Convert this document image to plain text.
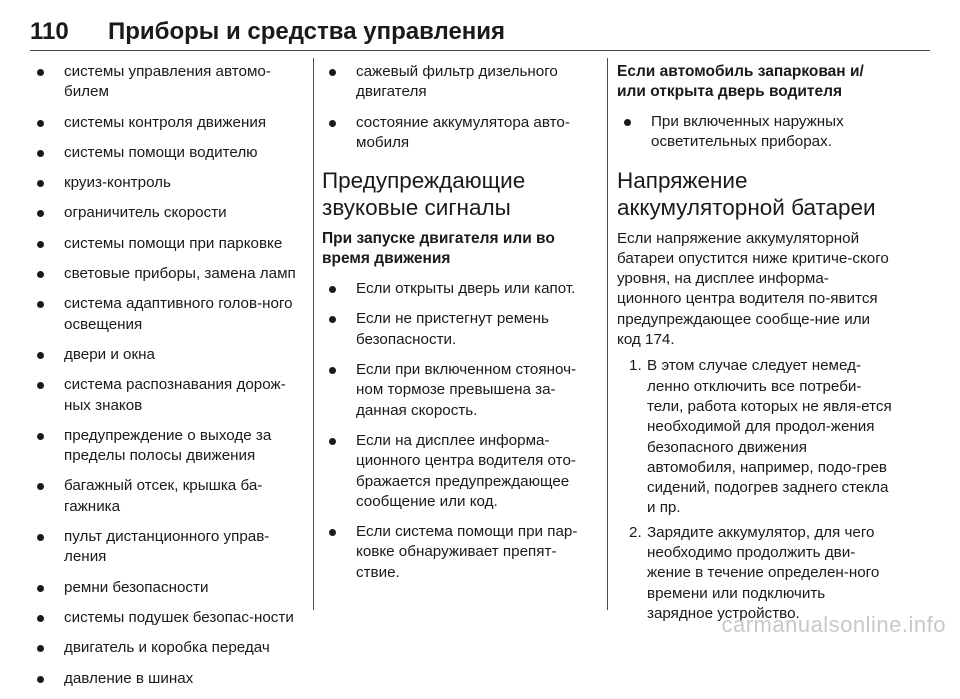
110	Приборы и средства управления
системы управления автомо-билем
системы контроля движения
системы помощи водителю
круиз-контроль
ограничитель скорости
системы помощи при парковке
световые приборы, замена ламп
система адаптивного голов-ного освещения
двери и окна
система распознавания дорож-ных знаков
предупреждение о выходе за пределы полосы движения
багажный отсек, крышка ба-гажника
пульт дистанционного управ-ления
ремни безопасности
системы подушек безопас-ности
двигатель и коробка передач
давление в шинах
сажевый фильтр дизельного двигателя
состояние аккумулятора авто-мобиля
Предупреждающие звуковые сигналы
При запуске двигателя или во время движения
Если открыты дверь или капот.
Если не пристегнут ремень безопасности.
Если при включенном стояноч-ном тормозе превышена за-данная скорость.
Если на дисплее информа-ционного центра водителя ото-бражается предупреждающее сообщение или код.
Если система помощи при пар-ковке обнаруживает препят-ствие.
Если автомобиль запаркован и/или открыта дверь водителя
При включенных наружных осветительных приборах.
Напряжение аккумуляторной батареи
Если напряжение аккумуляторной батареи опустится ниже критиче-ского уровня, на дисплее информа-ционного центра водителя по-явится предупреждающее сообще-ние или код 174.
1. В этом случае следует немед-ленно отключить все потреби-тели, работа которых не явля-ется необходимой для продол-жения безопасного движения автомобиля, например, подо-грев сидений, подогрев заднего стекла и пр.
2. Зарядите аккумулятор, для чего необходимо продолжить дви-жение в течение определен-ного времени или подключить зарядное устройство.
carmanualsonline.info
